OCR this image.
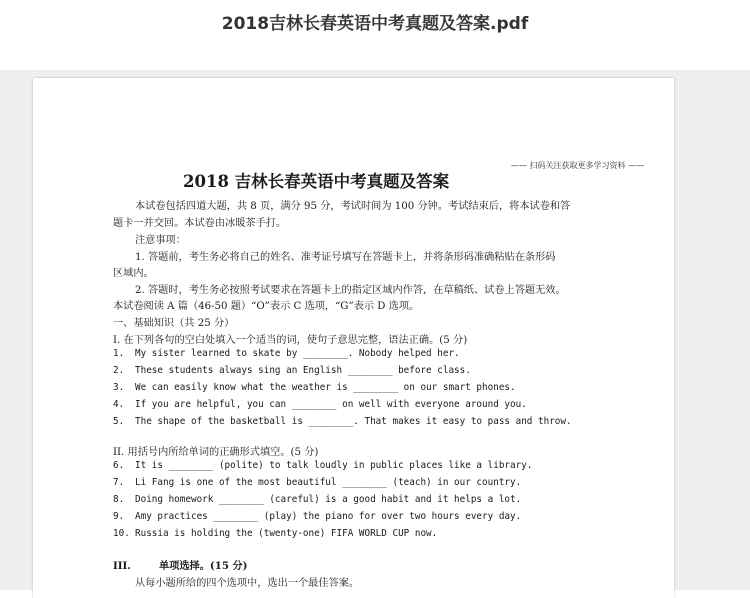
2018吉林长春英语中考真题及答案.pdf
—— 扫码关注获取更多学习资料 ——
2018 吉林长春英语中考真题及答案
本试卷包括四道大题，共 8 页，满分 95 分，考试时间为 100 分钟。考试结束后，将本试卷和答
题卡一并交回。本试卷由冰暖茶手打。
注意事项：
1. 答题前，考生务必将自己的姓名、准考证号填写在答题卡上，并将条形码准确粘贴在条形码
区域内。
2. 答题时，考生务必按照考试要求在答题卡上的指定区域内作答，在草稿纸、试卷上答题无效。
本试卷阅读 A 篇（46-50 题）“O”表示 C 选项，“G”表示 D 选项。
一、基础知识（共 25 分）
I. 在下列各句的空白处填入一个适当的词，使句子意思完整，语法正确。(5 分)
1. My sister learned to skate by ________. Nobody helped her.
2. These students always sing an English ________ before class.
3. We can easily know what the weather is ________ on our smart phones.
4. If you are helpful, you can ________ on well with everyone around you.
5. The shape of the basketball is ________. That makes it easy to pass and throw.
II. 用括号内所给单词的正确形式填空。(5 分)
6. It is ________ (polite) to talk loudly in public places like a library.
7. Li Fang is one of the most beautiful ________ (teach) in our country.
8. Doing homework ________ (careful) is a good habit and it helps a lot.
9. Amy practices ________ (play) the piano for over two hours every day.
10. Russia is holding the (twenty-one) FIFA WORLD CUP now.
III.	单项选择。(15 分)
从每小题所给的四个选项中，选出一个最佳答案。
